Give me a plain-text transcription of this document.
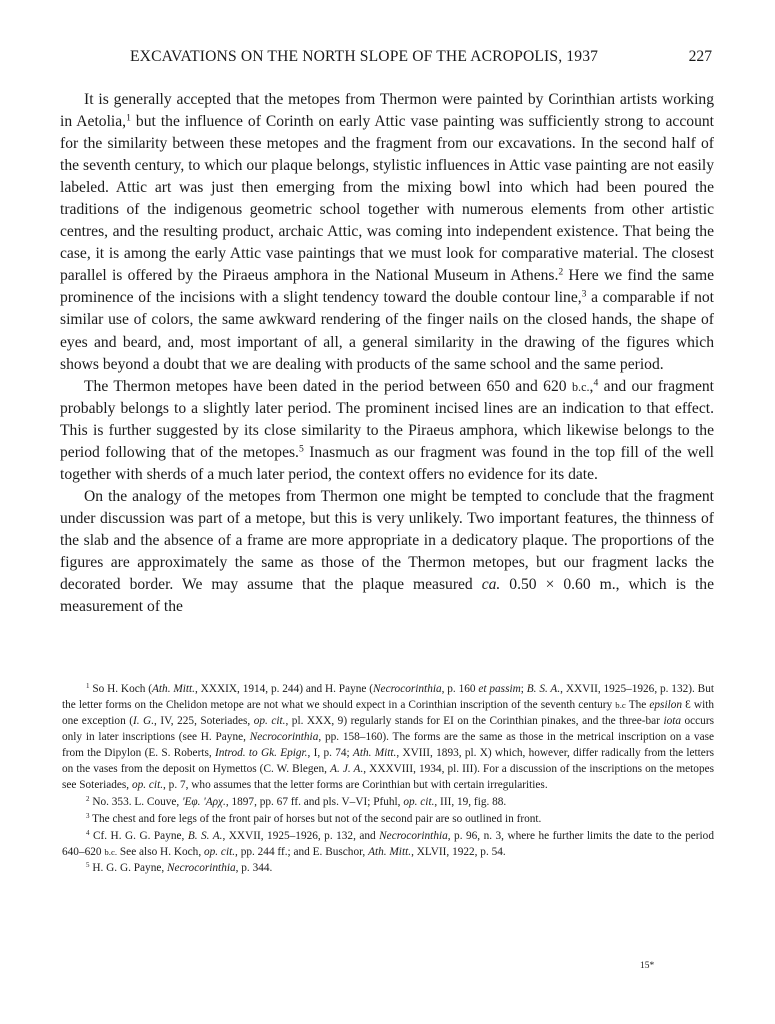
EXCAVATIONS ON THE NORTH SLOPE OF THE ACROPOLIS, 1937	227

It is generally accepted that the metopes from Thermon were painted by Corinthian artists working in Aetolia,$^1$ but the influence of Corinth on early Attic vase painting was sufficiently strong to account for the similarity between these metopes and the fragment from our excavations. In the second half of the seventh century, to which our plaque belongs, stylistic influences in Attic vase painting are not easily labeled. Attic art was just then emerging from the mixing bowl into which had been poured the traditions of the indigenous geometric school together with numerous elements from other artistic centres, and the resulting product, archaic Attic, was coming into independent existence. That being the case, it is among the early Attic vase paintings that we must look for comparative material. The closest parallel is offered by the Piraeus amphora in the National Museum in Athens.$^2$ Here we find the same prominence of the incisions with a slight tendency toward the double contour line,$^3$ a comparable if not similar use of colors, the same awkward rendering of the finger nails on the closed hands, the shape of eyes and beard, and, most important of all, a general similarity in the drawing of the figures which shows beyond a doubt that we are dealing with products of the same school and the same period.

The Thermon metopes have been dated in the period between 650 and 620 b.c.,$^4$ and our fragment probably belongs to a slightly later period. The prominent incised lines are an indication to that effect. This is further suggested by its close similarity to the Piraeus amphora, which likewise belongs to the period following that of the metopes.$^5$ Inasmuch as our fragment was found in the top fill of the well together with sherds of a much later period, the context offers no evidence for its date.

On the analogy of the metopes from Thermon one might be tempted to conclude that the fragment under discussion was part of a metope, but this is very unlikely. Two important features, the thinness of the slab and the absence of a frame are more appropriate in a dedicatory plaque. The proportions of the figures are approximately the same as those of the Thermon metopes, but our fragment lacks the decorated border. We may assume that the plaque measured ca. 0.50 × 0.60 m., which is the measurement of the

$^1$ So H. Koch (Ath. Mitt., XXXIX, 1914, p. 244) and H. Payne (Necrocorinthia, p. 160 et passim; B. S. A., XXVII, 1925–1926, p. 132). But the letter forms on the Chelidon metope are not what we should expect in a Corinthian inscription of the seventh century b.c The epsilon Ɛ with one exception (I. G., IV, 225, Soteriades, op. cit., pl. XXX, 9) regularly stands for EI on the Corinthian pinakes, and the three-bar iota occurs only in later inscriptions (see H. Payne, Necrocorinthia, pp. 158–160). The forms are the same as those in the metrical inscription on a vase from the Dipylon (E. S. Roberts, Introd. to Gk. Epigr., I, p. 74; Ath. Mitt., XVIII, 1893, pl. X) which, however, differ radically from the letters on the vases from the deposit on Hymettos (C. W. Blegen, A. J. A., XXXVIII, 1934, pl. III). For a discussion of the inscriptions on the metopes see Soteriades, op. cit., p. 7, who assumes that the letter forms are Corinthian but with certain irregularities.

$^2$ No. 353. L. Couve, 'Εφ. 'Αρχ., 1897, pp. 67 ff. and pls. V–VI; Pfuhl, op. cit., III, 19, fig. 88.

$^3$ The chest and fore legs of the front pair of horses but not of the second pair are so outlined in front.

$^4$ Cf. H. G. G. Payne, B. S. A., XXVII, 1925–1926, p. 132, and Necrocorinthia, p. 96, n. 3, where he further limits the date to the period 640–620 b.c. See also H. Koch, op. cit., pp. 244 ff.; and E. Buschor, Ath. Mitt., XLVII, 1922, p. 54.

$^5$ H. G. G. Payne, Necrocorinthia, p. 344.

15*
